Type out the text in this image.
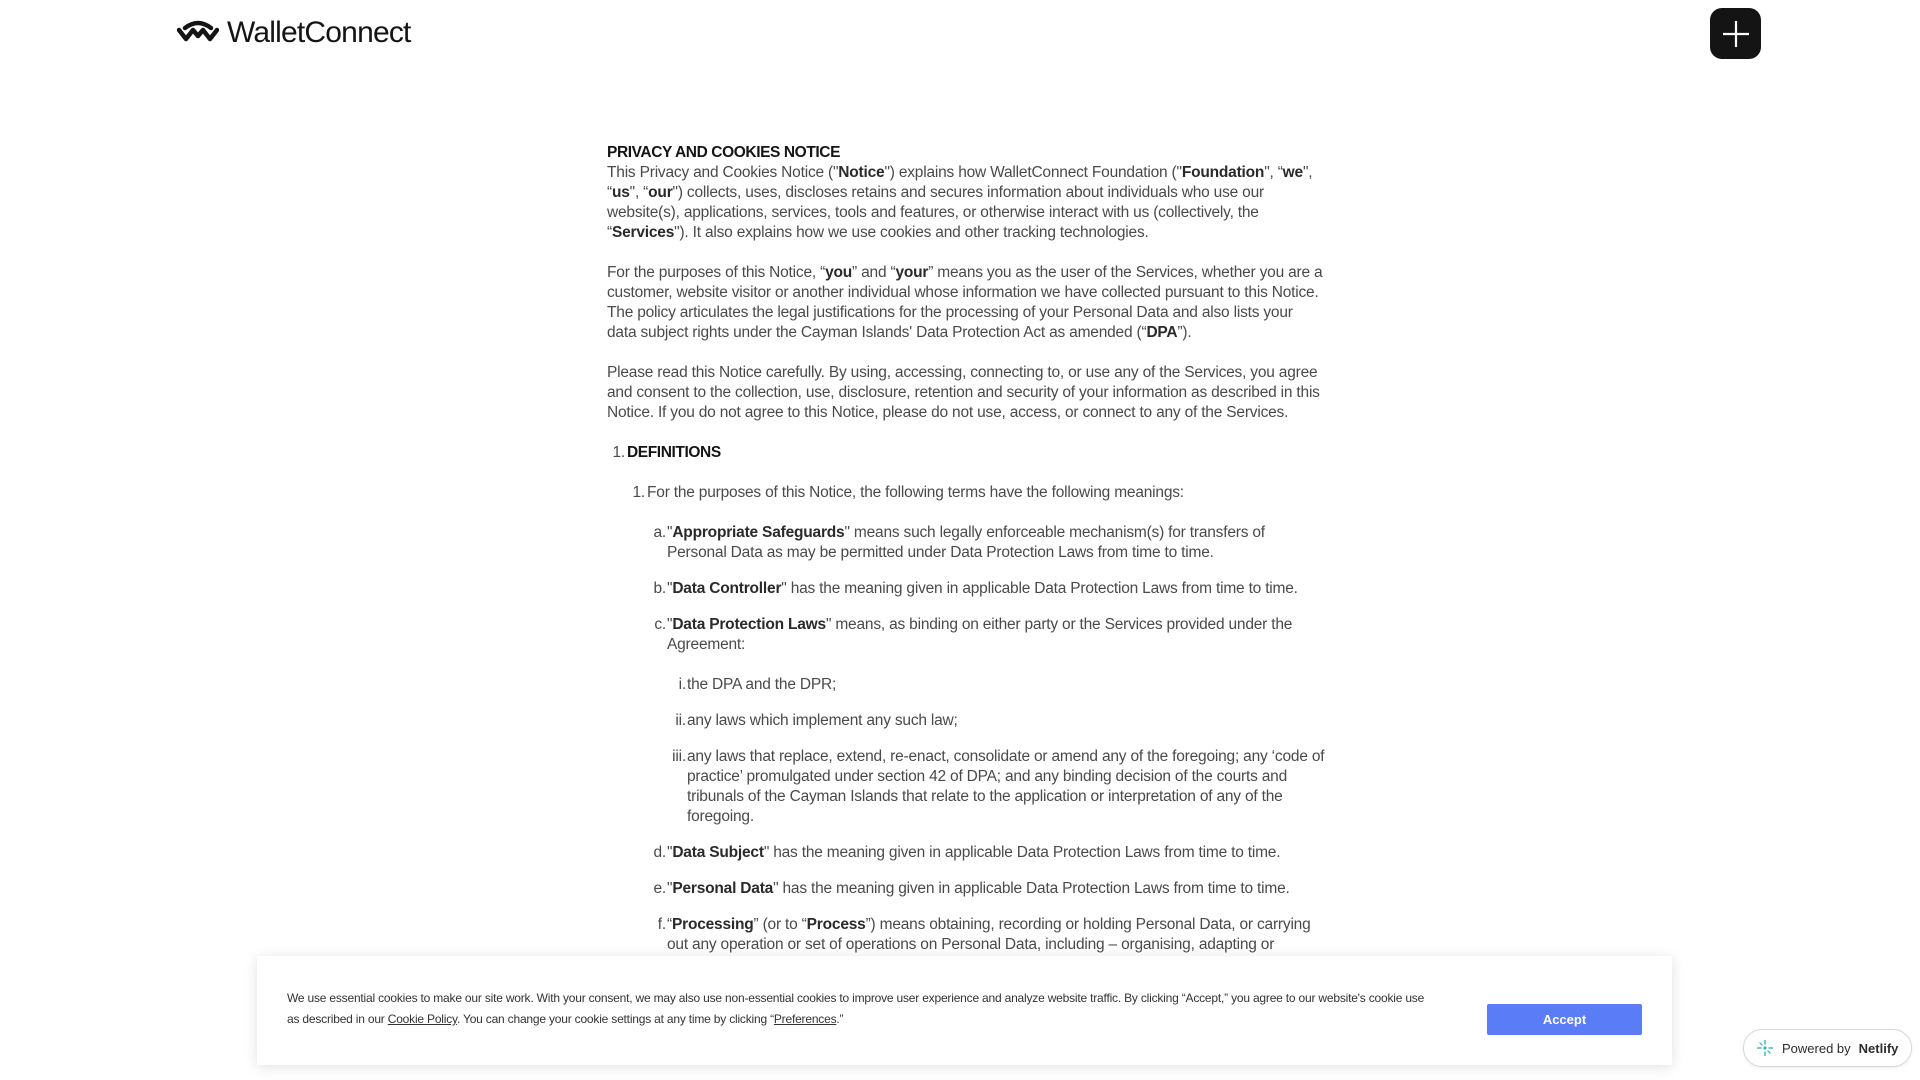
WalletConnect
PRIVACY AND COOKIES NOTICE

This Privacy and Cookies Notice ("Notice") explains how WalletConnect Foundation ("Foundation", “we", “us", “our") collects, uses, discloses retains and secures information about individuals who use our website(s), applications, services, tools and features, or otherwise interact with us (collectively, the “Services"). It also explains how we use cookies and other tracking technologies.

For the purposes of this Notice, “you” and “your” means you as the user of the Services, whether you are a customer, website visitor or another individual whose information we have collected pursuant to this Notice. The policy articulates the legal justifications for the processing of your Personal Data and also lists your data subject rights under the Cayman Islands' Data Protection Act as amended (“DPA”).

Please read this Notice carefully. By using, accessing, connecting to, or use any of the Services, you agree and consent to the collection, use, disclosure, retention and security of your information as described in this Notice. If you do not agree to this Notice, please do not use, access, or connect to any of the Services.

1. DEFINITIONS
1. For the purposes of this Notice, the following terms have the following meanings:
a. "Appropriate Safeguards" means such legally enforceable mechanism(s) for transfers of Personal Data as may be permitted under Data Protection Laws from time to time.
b. "Data Controller" has the meaning given in applicable Data Protection Laws from time to time.
c. "Data Protection Laws" means, as binding on either party or the Services provided under the Agreement:
i. the DPA and the DPR;
ii. any laws which implement any such law;
iii. any laws that replace, extend, re-enact, consolidate or amend any of the foregoing; any ‘code of practice’ promulgated under section 42 of DPA; and any binding decision of the courts and tribunals of the Cayman Islands that relate to the application or interpretation of any of the foregoing.
d. "Data Subject" has the meaning given in applicable Data Protection Laws from time to time.
e. "Personal Data" has the meaning given in applicable Data Protection Laws from time to time.
f. “Processing” (or to “Process”) means obtaining, recording or holding Personal Data, or carrying out any operation or set of operations on Personal Data, including – organising, adapting or
We use essential cookies to make our site work. With your consent, we may also use non-essential cookies to improve user experience and analyze website traffic. By clicking “Accept,” you agree to our website's cookie use as described in our Cookie Policy. You can change your cookie settings at any time by clicking “Preferences.”	Accept
Powered by Netlify
